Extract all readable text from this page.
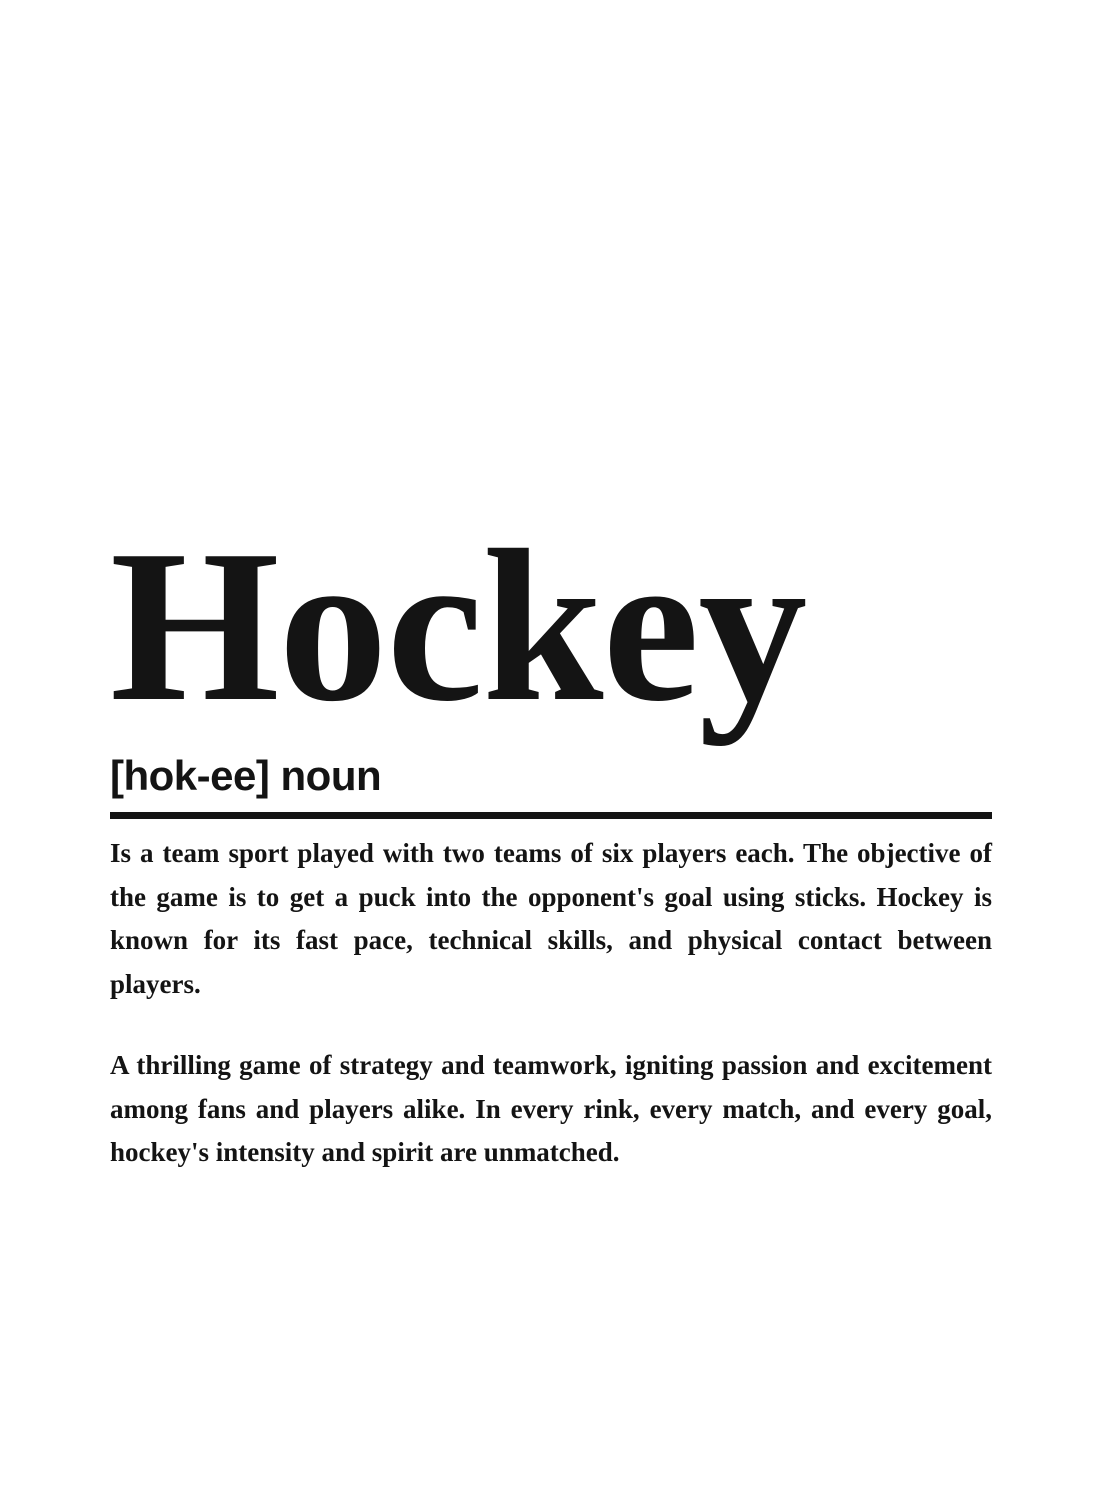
Hockey
[hok-ee] noun
Is a team sport played with two teams of six players each. The objective of
the game is to get a puck into the opponent's goal using sticks. Hockey is
known for its fast pace, technical skills, and physical contact between
players.
A thrilling game of strategy and teamwork, igniting passion and excitement
among fans and players alike. In every rink, every match, and every goal,
hockey's intensity and spirit are unmatched.
